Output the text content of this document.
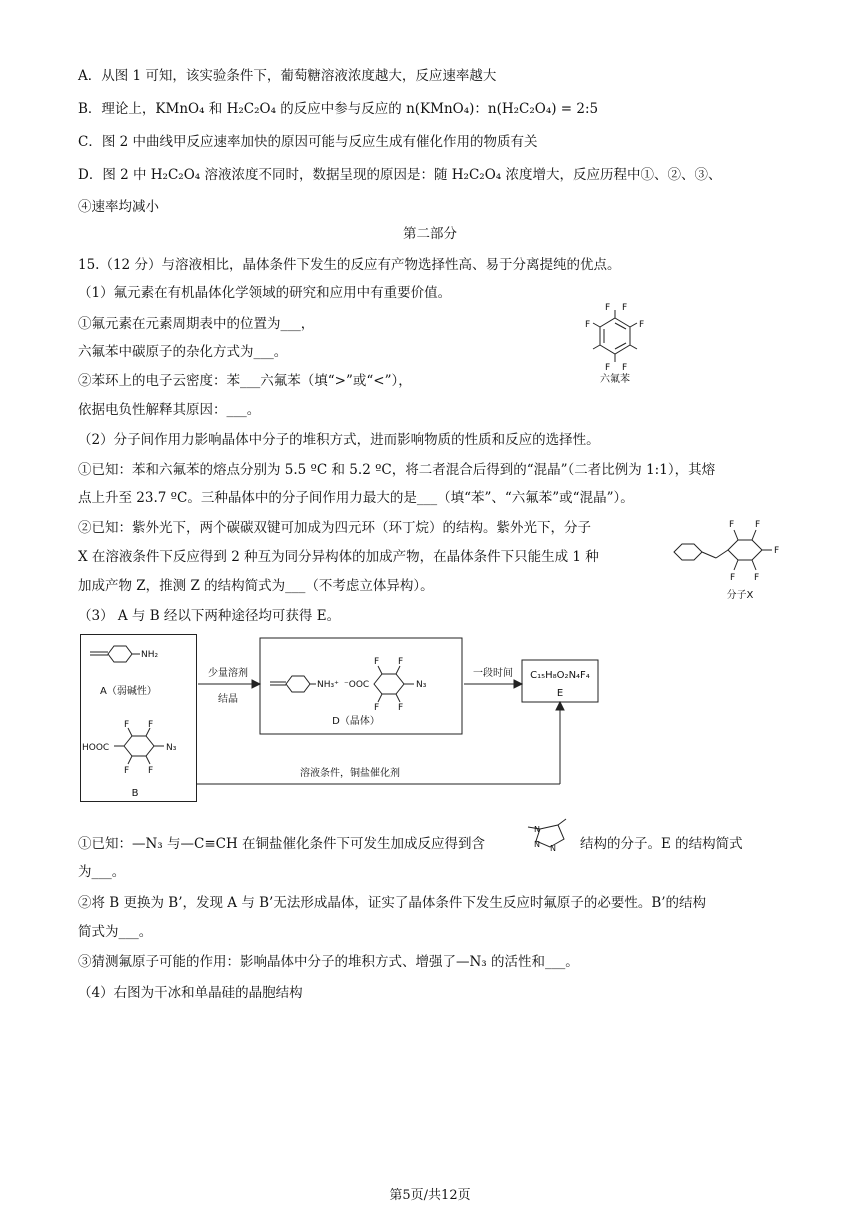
A．从图 1 可知，该实验条件下，葡萄糖溶液浓度越大，反应速率越大
B．理论上，KMnO₄ 和 H₂C₂O₄ 的反应中参与反应的 n(KMnO₄)：n(H₂C₂O₄) = 2:5
C．图 2 中曲线甲反应速率加快的原因可能与反应生成有催化作用的物质有关
D．图 2 中 H₂C₂O₄ 溶液浓度不同时，数据呈现的原因是：随 H₂C₂O₄ 浓度增大，反应历程中①、②、③、
④速率均减小
第二部分
15.（12 分）与溶液相比，晶体条件下发生的反应有产物选择性高、易于分离提纯的优点。
（1）氟元素在有机晶体化学领域的研究和应用中有重要价值。
①氟元素在元素周期表中的位置为___，
六氟苯中碳原子的杂化方式为___。
②苯环上的电子云密度：苯___六氟苯（填“>”或“<”），
依据电负性解释其原因：___。
F F
F
F
F F
六氟苯
（2）分子间作用力影响晶体中分子的堆积方式，进而影响物质的性质和反应的选择性。
①已知：苯和六氟苯的熔点分别为 5.5 ºC 和 5.2 ºC，将二者混合后得到的“混晶”（二者比例为 1:1），其熔
点上升至 23.7 ºC。三种晶体中的分子间作用力最大的是___（填“苯”、“六氟苯”或“混晶”）。
②已知：紫外光下，两个碳碳双键可加成为四元环（环丁烷）的结构。紫外光下，分子
X 在溶液条件下反应得到 2 种互为同分异构体的加成产物，在晶体条件下只能生成 1 种
加成产物 Z，推测 Z 的结构简式为___（不考虑立体异构）。
F F
F
F F
分子X
（3） A 与 B 经以下两种途径均可获得 E。
NH₂
HOOC	N₃
F F
F F
NH₃⁺ ⁻OOC	N₃
F F
F F
A（弱碱性）
B
少量溶剂
结晶
D（晶体）
一段时间 C₁₅H₈O₂N₄F₄
E
溶液条件，铜盐催化剂
①已知：—N₃ 与—C≡CH 在铜盐催化条件下可发生加成反应得到含
N
N N 结构的分子。E 的结构简式
为___。
②将 B 更换为 B’，发现 A 与 B’无法形成晶体，证实了晶体条件下发生反应时氟原子的必要性。B’的结构
简式为___。
③猜测氟原子可能的作用：影响晶体中分子的堆积方式、增强了—N₃ 的活性和___。
（4）右图为干冰和单晶硅的晶胞结构
第5页/共12页
